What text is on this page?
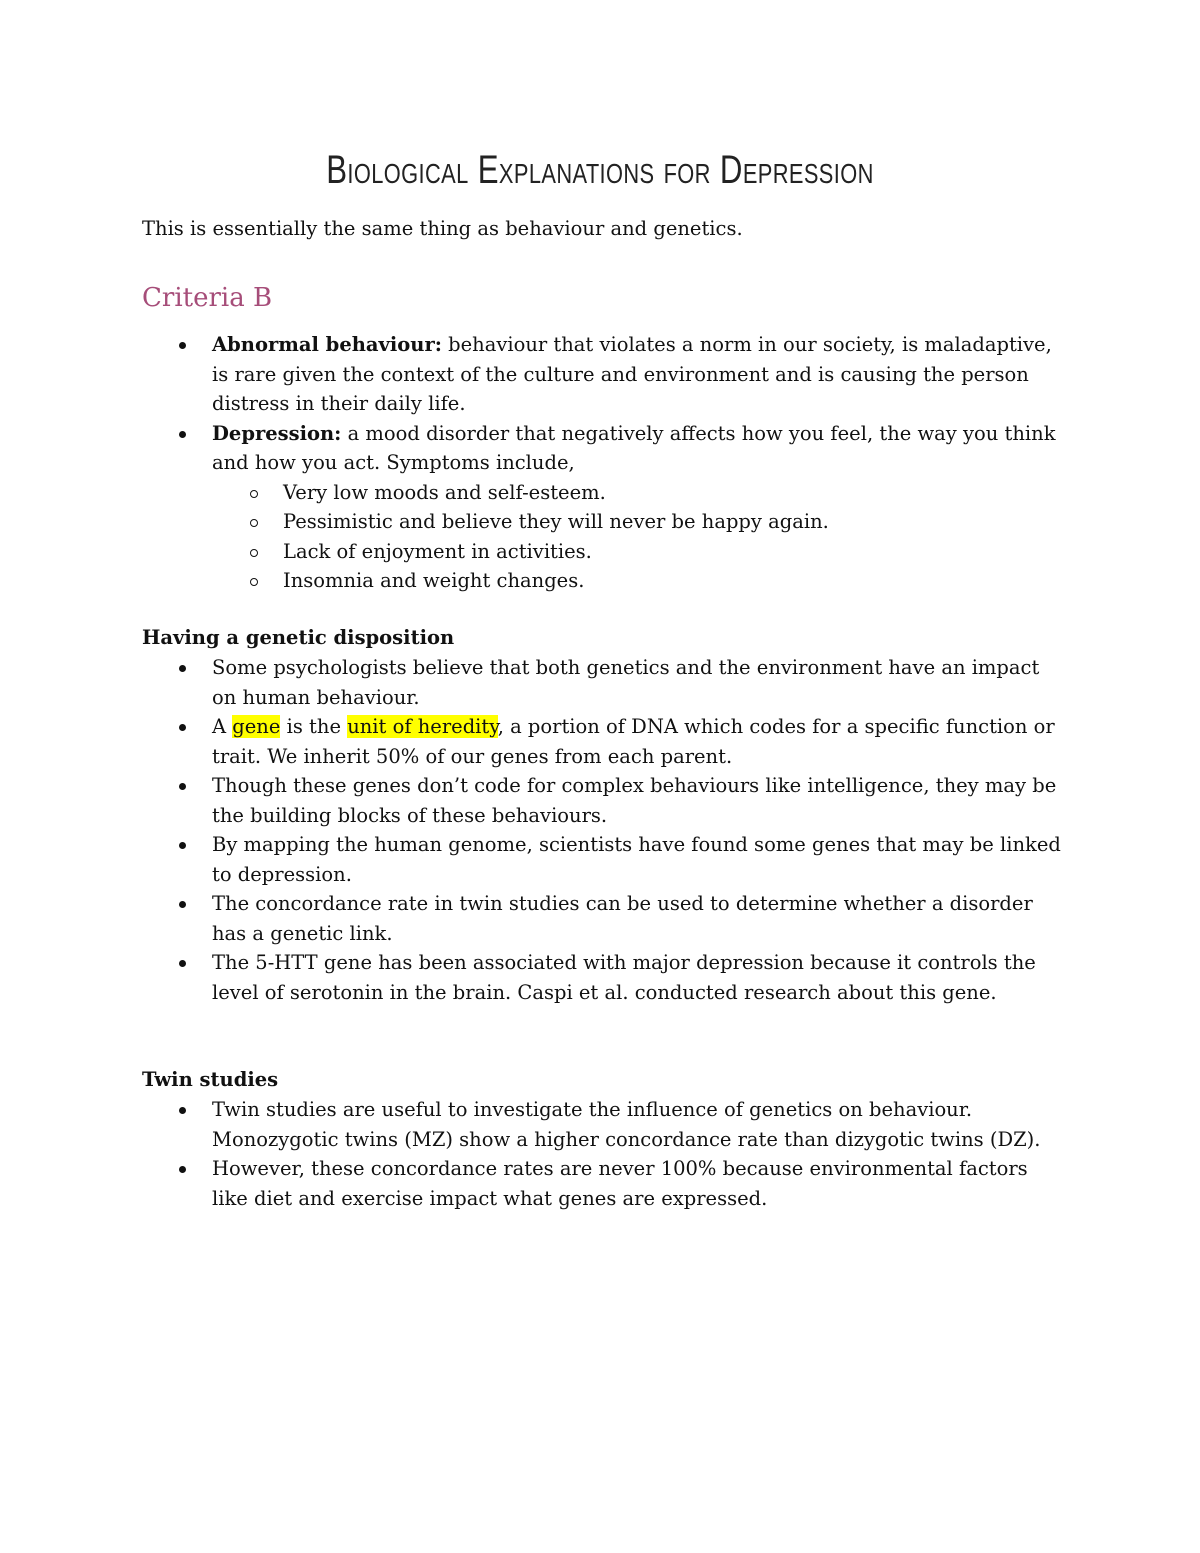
Biological Explanations for Depression
This is essentially the same thing as behaviour and genetics.
Criteria B
Abnormal behaviour: behaviour that violates a norm in our society, is maladaptive, is rare given the context of the culture and environment and is causing the person distress in their daily life.
Depression: a mood disorder that negatively affects how you feel, the way you think and how you act. Symptoms include,
Very low moods and self-esteem.
Pessimistic and believe they will never be happy again.
Lack of enjoyment in activities.
Insomnia and weight changes.
Having a genetic disposition
Some psychologists believe that both genetics and the environment have an impact on human behaviour.
A gene is the unit of heredity, a portion of DNA which codes for a specific function or trait. We inherit 50% of our genes from each parent.
Though these genes don’t code for complex behaviours like intelligence, they may be the building blocks of these behaviours.
By mapping the human genome, scientists have found some genes that may be linked to depression.
The concordance rate in twin studies can be used to determine whether a disorder has a genetic link.
The 5-HTT gene has been associated with major depression because it controls the level of serotonin in the brain. Caspi et al. conducted research about this gene.
Twin studies
Twin studies are useful to investigate the influence of genetics on behaviour. Monozygotic twins (MZ) show a higher concordance rate than dizygotic twins (DZ).
However, these concordance rates are never 100% because environmental factors like diet and exercise impact what genes are expressed.
